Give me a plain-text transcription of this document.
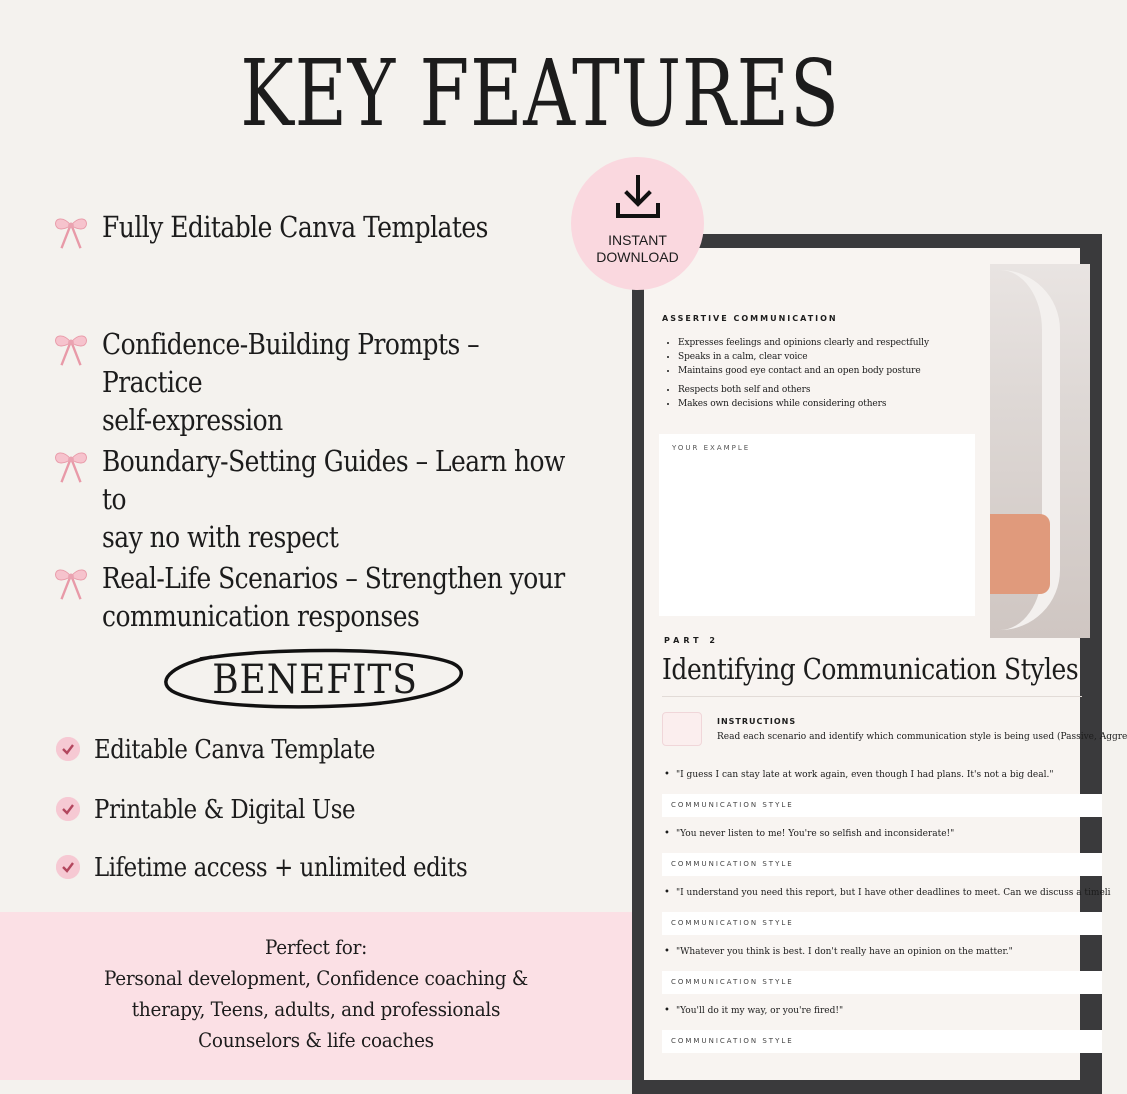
KEY FEATURES
Fully Editable Canva Templates
Confidence-Building Prompts – Practice
self-expression
Boundary-Setting Guides – Learn how to
say no with respect
Real-Life Scenarios – Strengthen your
communication responses
BENEFITS
Editable Canva Template
Printable & Digital Use
Lifetime access + unlimited edits
Perfect for:
Personal development, Confidence coaching &
therapy, Teens, adults, and professionals
Counselors & life coaches
ASSERTIVE COMMUNICATION
• Expresses feelings and opinions clearly and respectfully
• Speaks in a calm, clear voice
• Maintains good eye contact and an open body posture
• Respects both self and others
• Makes own decisions while considering others
YOUR EXAMPLE
PART 2
Identifying Communication Styles
INSTRUCTIONS
Read each scenario and identify which communication style is being used (Passive, Aggre
• "I guess I can stay late at work again, even though I had plans. It's not a big deal."
COMMUNICATION STYLE
• "You never listen to me! You're so selfish and inconsiderate!"
COMMUNICATION STYLE
• "I understand you need this report, but I have other deadlines to meet. Can we discuss a timeli
COMMUNICATION STYLE
• "Whatever you think is best. I don't really have an opinion on the matter."
COMMUNICATION STYLE
• "You'll do it my way, or you're fired!"
COMMUNICATION STYLE
INSTANT
DOWNLOAD
